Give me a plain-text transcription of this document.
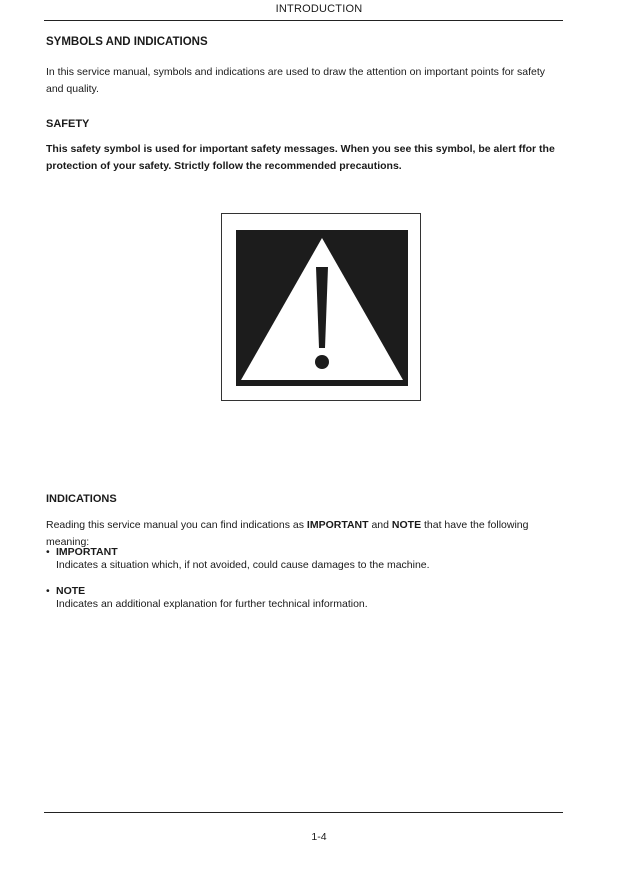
INTRODUCTION
SYMBOLS AND INDICATIONS
In this service manual, symbols and indications are used to draw the attention on important points for safety and quality.
SAFETY
This safety symbol is used for important safety messages. When you see this symbol, be alert ffor the protection of your safety. Strictly follow the recommended precautions.
INDICATIONS
Reading this service manual you can find indications as IMPORTANT and NOTE that have the following meaning:
• IMPORTANT
Indicates a situation which, if not avoided, could cause damages to the machine.
• NOTE
Indicates an additional explanation for further technical information.
1-4
